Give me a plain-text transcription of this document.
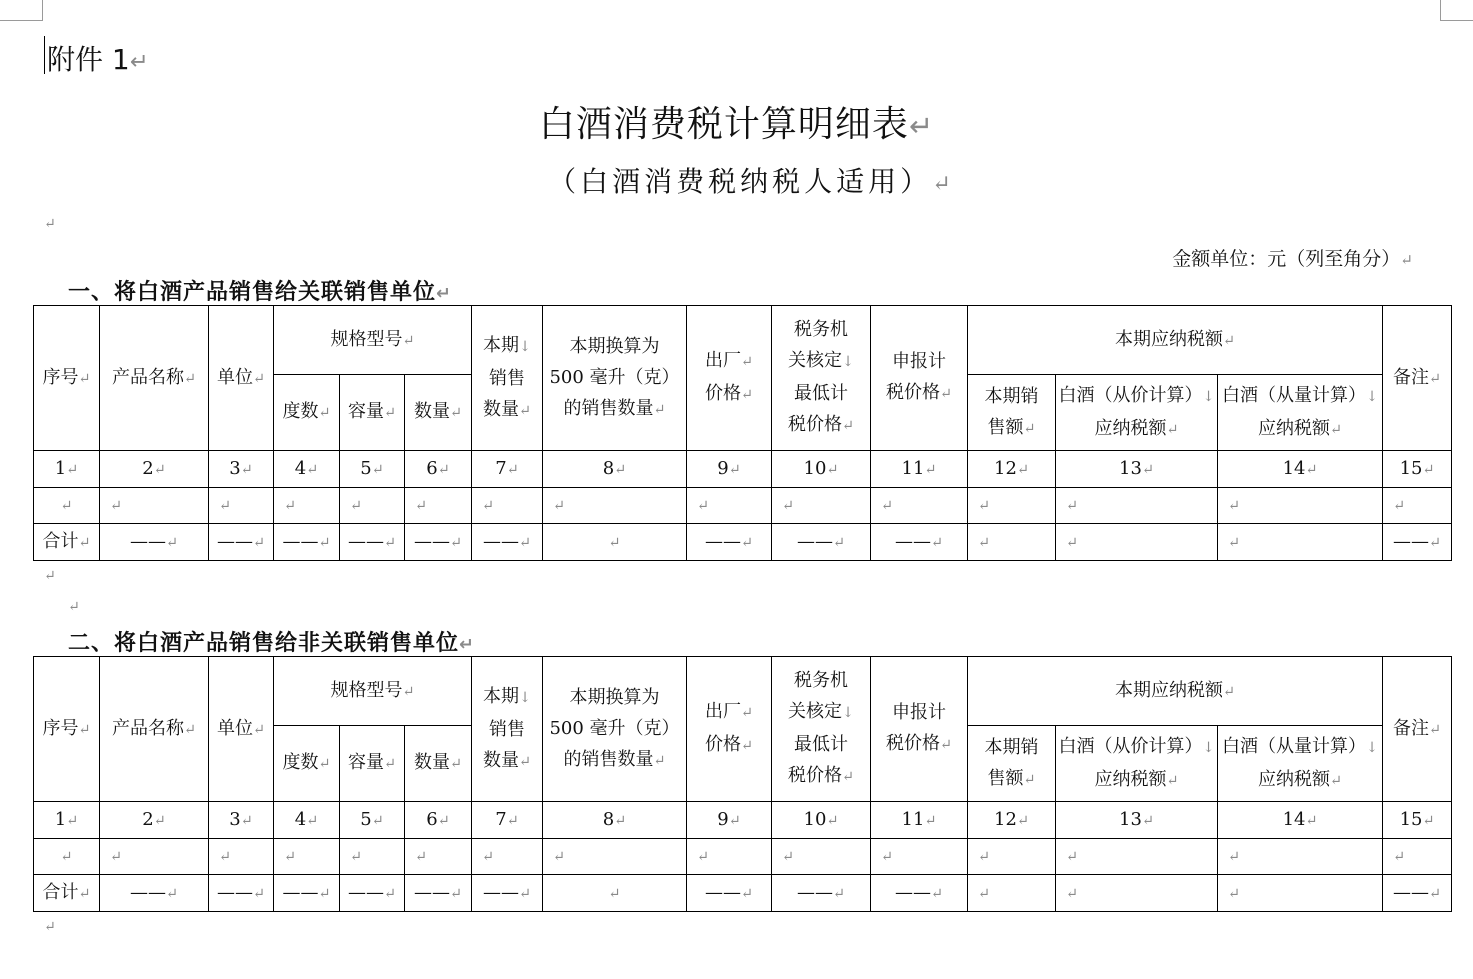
附件 1↵
白酒消费税计算明细表↵
（白酒消费税纳税人适用）↵
↵
金额单位：元（列至角分）↵
一、将白酒产品销售给关联销售单位↵
序号↵	产品名称↵	单位↵	规格型号↵			本期↓
销售
数量↵	本期换算为
500 毫升（克）
的销售数量↵	出厂↵
价格↵	税务机
关核定↓
最低计
税价格↵	申报计
税价格↵	本期应纳税额↵			备注↵
			度数↵	容量↵	数量↵						本期销
售额↵	白酒（从价计算）↓
应纳税额↵	白酒（从量计算）↓
应纳税额↵	
1↵	2↵	3↵	4↵	5↵	6↵	7↵	8↵	9↵	10↵	11↵	12↵	13↵	14↵	15↵
↵	↵	↵	↵	↵	↵	↵	↵	↵	↵	↵	↵	↵	↵	↵
合计↵	——↵	——↵	——↵	——↵	——↵	——↵	↵	——↵	——↵	——↵	↵	↵	↵	——↵
↵
↵
二、将白酒产品销售给非关联销售单位↵
序号↵	产品名称↵	单位↵	规格型号↵			本期↓
销售
数量↵	本期换算为
500 毫升（克）
的销售数量↵	出厂↵
价格↵	税务机
关核定↓
最低计
税价格↵	申报计
税价格↵	本期应纳税额↵			备注↵
			度数↵	容量↵	数量↵						本期销
售额↵	白酒（从价计算）↓
应纳税额↵	白酒（从量计算）↓
应纳税额↵	
1↵	2↵	3↵	4↵	5↵	6↵	7↵	8↵	9↵	10↵	11↵	12↵	13↵	14↵	15↵
↵	↵	↵	↵	↵	↵	↵	↵	↵	↵	↵	↵	↵	↵	↵
合计↵	——↵	——↵	——↵	——↵	——↵	——↵	↵	——↵	——↵	——↵	↵	↵	↵	——↵
↵
